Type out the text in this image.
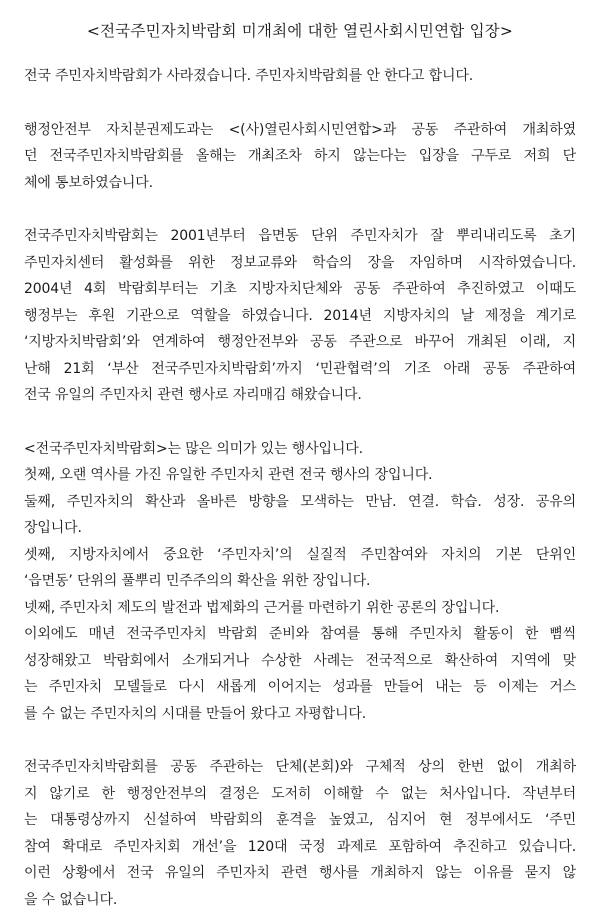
<전국주민자치박람회 미개최에 대한 열린사회시민연합 입장>
전국 주민자치박람회가 사라졌습니다. 주민자치박람회를 안 한다고 합니다.
행정안전부 자치분권제도과는 <(사)열린사회시민연합>과 공동 주관하여 개최하였
던 전국주민자치박람회를 올해는 개최조차 하지 않는다는 입장을 구두로 저희 단
체에 통보하였습니다.
전국주민자치박람회는 2001년부터 읍면동 단위 주민자치가 잘 뿌리내리도록 초기
주민자치센터 활성화를 위한 정보교류와 학습의 장을 자임하며 시작하였습니다.
2004년 4회 박람회부터는 기초 지방자치단체와 공동 주관하여 추진하였고 이때도
행정부는 후원 기관으로 역할을 하였습니다. 2014년 지방자치의 날 제정을 계기로
‘지방자치박람회’와 연계하여 행정안전부와 공동 주관으로 바꾸어 개최된 이래, 지
난해 21회 ‘부산 전국주민자치박람회’까지 ‘민관협력’의 기조 아래 공동 주관하여
전국 유일의 주민자치 관련 행사로 자리매김 해왔습니다.
<전국주민자치박람회>는 많은 의미가 있는 행사입니다.
첫째, 오랜 역사를 가진 유일한 주민자치 관련 전국 행사의 장입니다.
둘째, 주민자치의 확산과 올바른 방향을 모색하는 만남. 연결. 학습. 성장. 공유의
장입니다.
셋째, 지방자치에서 중요한 ‘주민자치’의 실질적 주민참여와 자치의 기본 단위인
‘읍면동’ 단위의 풀뿌리 민주주의의 확산을 위한 장입니다.
넷째, 주민자치 제도의 발전과 법제화의 근거를 마련하기 위한 공론의 장입니다.
이외에도 매년 전국주민자치 박람회 준비와 참여를 통해 주민자치 활동이 한 뼘씩
성장해왔고 박람회에서 소개되거나 수상한 사례는 전국적으로 확산하여 지역에 맞
는 주민자치 모델들로 다시 새롭게 이어지는 성과를 만들어 내는 등 이제는 거스
를 수 없는 주민자치의 시대를 만들어 왔다고 자평합니다.
전국주민자치박람회를 공동 주관하는 단체(본회)와 구체적 상의 한번 없이 개최하
지 않기로 한 행정안전부의 결정은 도저히 이해할 수 없는 처사입니다. 작년부터
는 대통령상까지 신설하여 박람회의 훈격을 높였고, 심지어 현 정부에서도 ‘주민
참여 확대로 주민자치회 개선’을 120대 국정 과제로 포함하여 추진하고 있습니다.
이런 상황에서 전국 유일의 주민자치 관련 행사를 개최하지 않는 이유를 묻지 않
을 수 없습니다.
